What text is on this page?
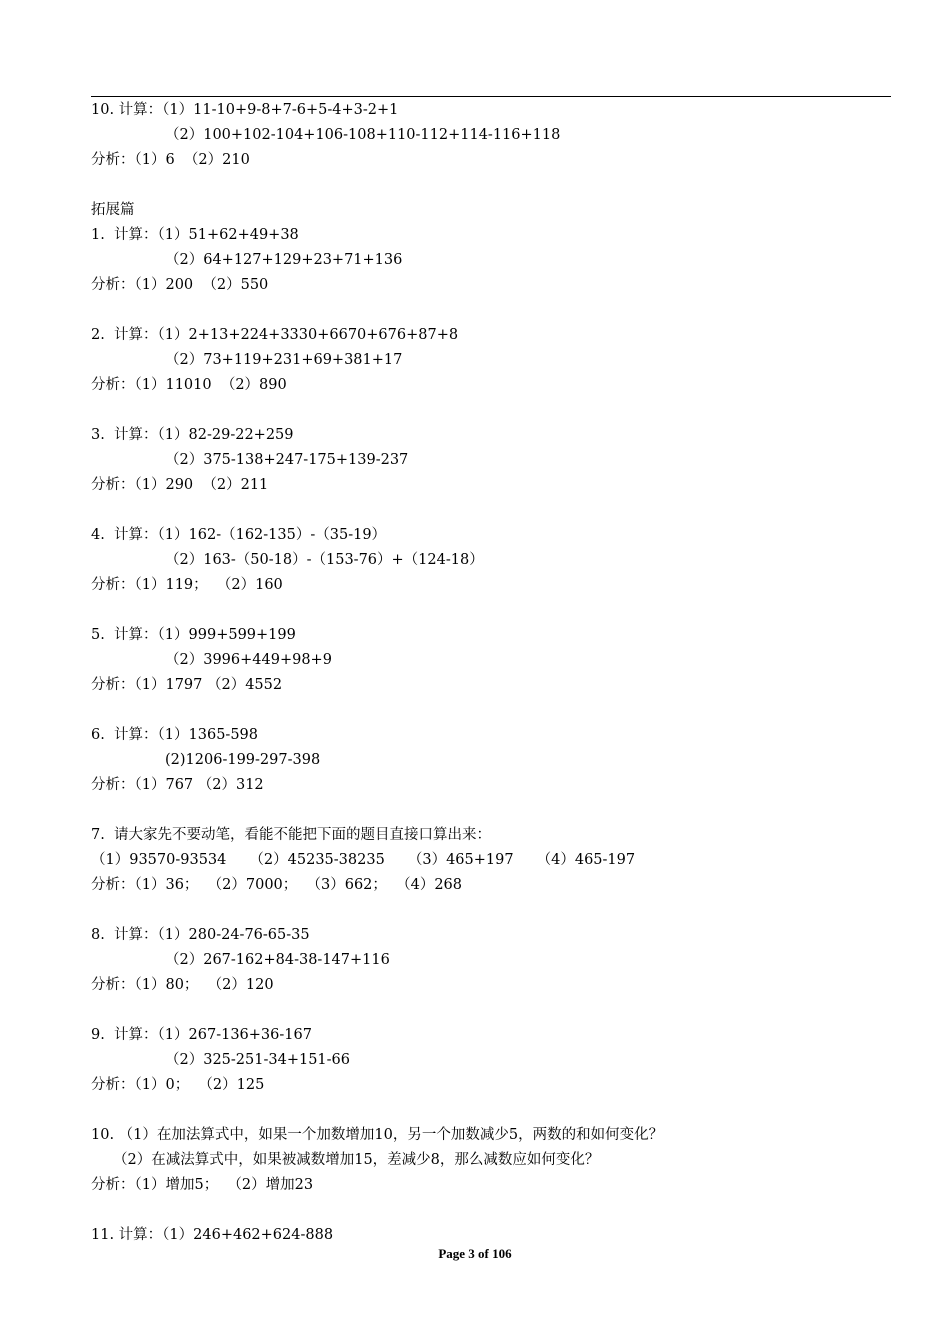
10. 计算：（1）11-10+9-8+7-6+5-4+3-2+1
（2）100+102-104+106-108+110-112+114-116+118
分析：（1）6  （2）210
拓展篇
1.  计算：（1）51+62+49+38
（2）64+127+129+23+71+136
分析：（1）200  （2）550
2.  计算：（1）2+13+224+3330+6670+676+87+8
（2）73+119+231+69+381+17
分析：（1）11010  （2）890
3.  计算：（1）82-29-22+259
（2）375-138+247-175+139-237
分析：（1）290  （2）211
4.  计算：（1）162-（162-135）-（35-19）
（2）163-（50-18）-（153-76）+（124-18）
分析：（1）119；  （2）160
5.  计算：（1）999+599+199
（2）3996+449+98+9
分析：（1）1797 （2）4552
6.  计算：（1）1365-598
(2)1206-199-297-398
分析：（1）767 （2）312
7.  请大家先不要动笔，看能不能把下面的题目直接口算出来：
（1）93570-93534     （2）45235-38235     （3）465+197     （4）465-197
分析：（1）36；  （2）7000；  （3）662；  （4）268
8.  计算：（1）280-24-76-65-35
（2）267-162+84-38-147+116
分析：（1）80；  （2）120
9.  计算：（1）267-136+36-167
（2）325-251-34+151-66
分析：（1）0；  （2）125
10. （1）在加法算式中，如果一个加数增加10，另一个加数减少5，两数的和如何变化？
（2）在减法算式中，如果被减数增加15，差减少8，那么减数应如何变化？
分析：（1）增加5；  （2）增加23
11. 计算：（1）246+462+624-888
Page 3 of 106
